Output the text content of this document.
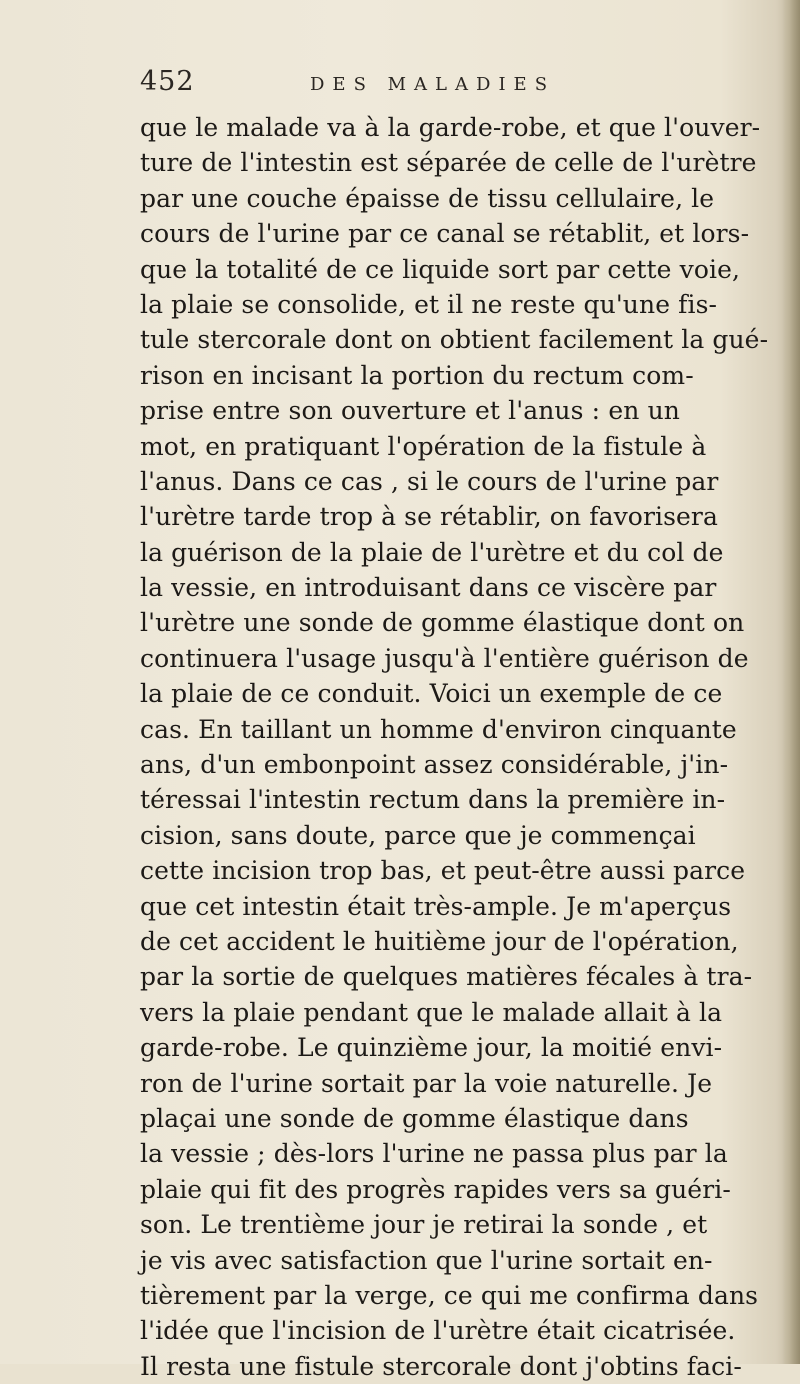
452	DES MALADIES
que le malade va à la garde-robe, et que l'ouver-
ture de l'intestin est séparée de celle de l'urètre
par une couche épaisse de tissu cellulaire, le
cours de l'urine par ce canal se rétablit, et lors-
que la totalité de ce liquide sort par cette voie,
la plaie se consolide, et il ne reste qu'une fis-
tule stercorale dont on obtient facilement la gué-
rison en incisant la portion du rectum com-
prise entre son ouverture et l'anus : en un
mot, en pratiquant l'opération de la fistule à
l'anus. Dans ce cas , si le cours de l'urine par
l'urètre tarde trop à se rétablir, on favorisera
la guérison de la plaie de l'urètre et du col de
la vessie, en introduisant dans ce viscère par
l'urètre une sonde de gomme élastique dont on
continuera l'usage jusqu'à l'entière guérison de
la plaie de ce conduit. Voici un exemple de ce
cas. En taillant un homme d'environ cinquante
ans, d'un embonpoint assez considérable, j'in-
téressai l'intestin rectum dans la première in-
cision, sans doute, parce que je commençai
cette incision trop bas, et peut-être aussi parce
que cet intestin était très-ample. Je m'aperçus
de cet accident le huitième jour de l'opération,
par la sortie de quelques matières fécales à tra-
vers la plaie pendant que le malade allait à la
garde-robe. Le quinzième jour, la moitié envi-
ron de l'urine sortait par la voie naturelle. Je
plaçai une sonde de gomme élastique dans
la vessie ; dès-lors l'urine ne passa plus par la
plaie qui fit des progrès rapides vers sa guéri-
son. Le trentième jour je retirai la sonde , et
je vis avec satisfaction que l'urine sortait en-
tièrement par la verge, ce qui me confirma dans
l'idée que l'incision de l'urètre était cicatrisée.
Il resta une fistule stercorale dont j'obtins faci-
